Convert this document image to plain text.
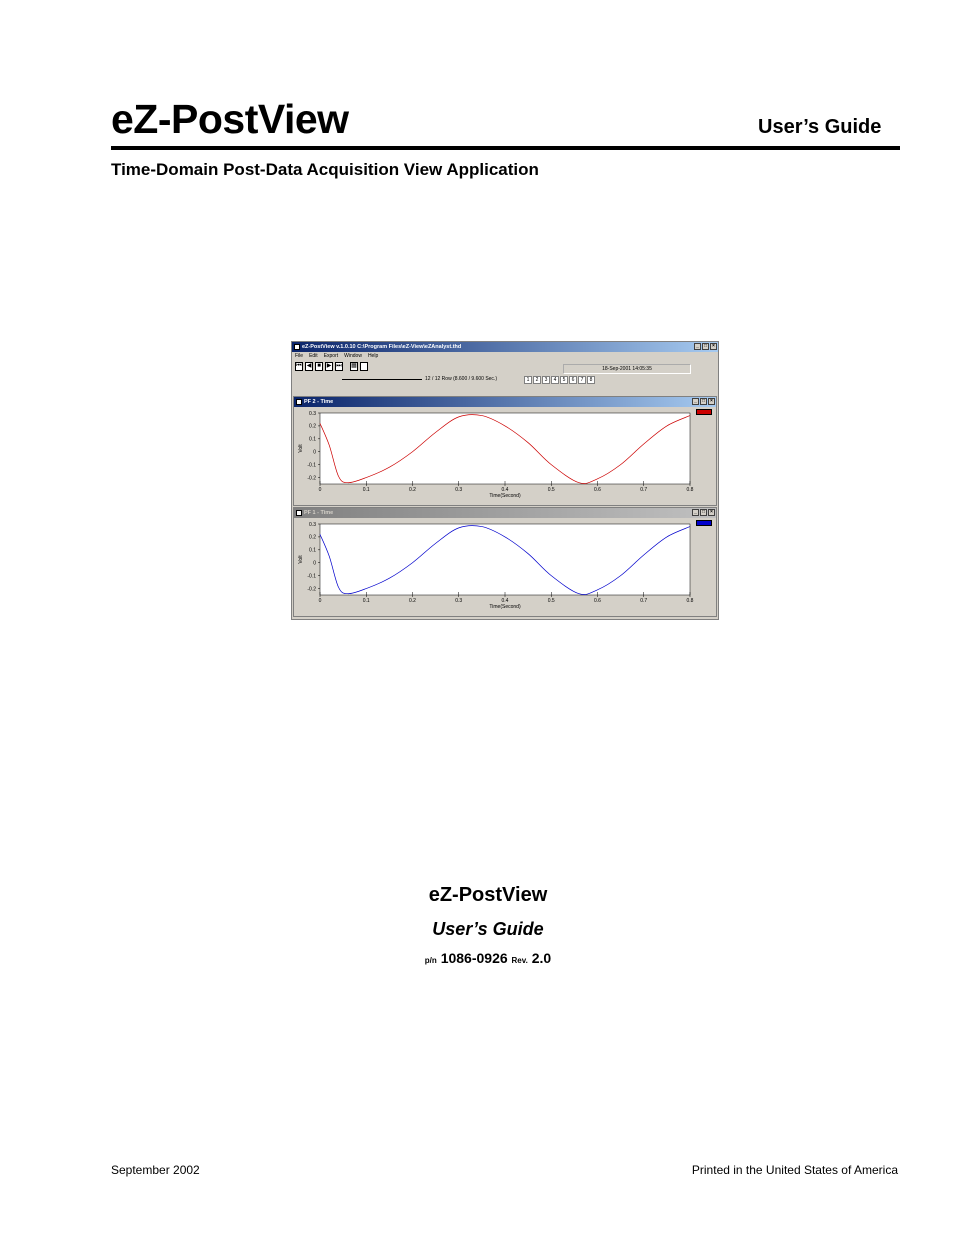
eZ-PostView	User’s Guide
Time-Domain Post-Data Acquisition View Application
eZ-PostView v.1.0.10 C:\Program Files\eZ-View\eZAnalyst.thd	_	□	×
File Edit Export Window Help
⏮ ◀ ■ ▶ ⏭ ▦	18-Sep-2001 14:05:35
12 / 12 Row (8.600 / 9.600 Sec.)	1	2	3	4	5	6	7	8
PF 2 - Time	_	□	×
0	0.1	0.2	0.3	0.4	0.5	0.6	0.7	0.8
0.3
0.2
0.1
0
-0.1
-0.2
Time(Second)
Volt
PF 1 - Time	_	□	×
0	0.1	0.2	0.3	0.4	0.5	0.6	0.7	0.8
0.3
0.2
0.1
0
-0.1
-0.2
Time(Second)
Volt
eZ-PostView
User’s Guide
p/n 1086-0926 Rev. 2.0
September 2002	Printed in the United States of America
